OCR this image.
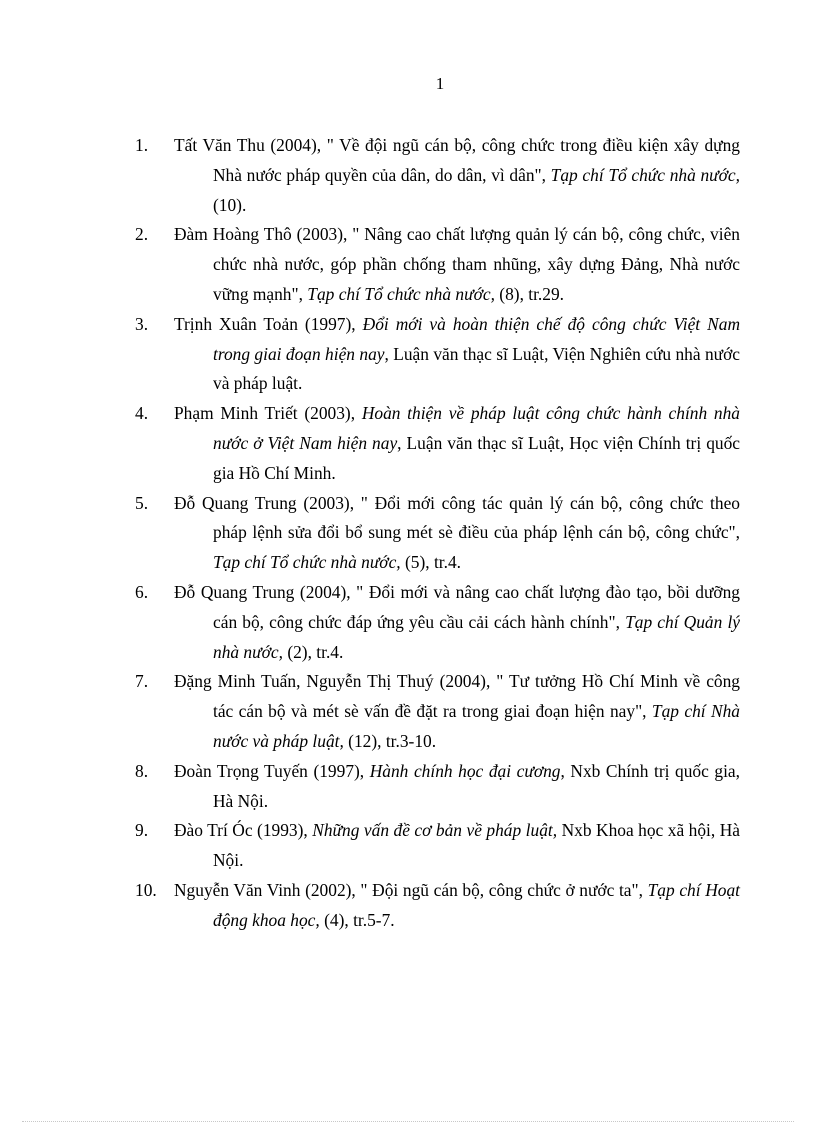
1
1. Tất Văn Thu (2004), " Về đội ngũ cán bộ, công chức trong điều kiện xây dựng Nhà nước pháp quyền của dân, do dân, vì dân", Tạp chí Tổ chức nhà nước, (10).
2. Đàm Hoàng Thô (2003), " Nâng cao chất lượng quản lý cán bộ, công chức, viên chức nhà nước, góp phần chống tham nhũng, xây dựng Đảng, Nhà nước vững mạnh", Tạp chí Tổ chức nhà nước, (8), tr.29.
3. Trịnh Xuân Toản (1997), Đổi mới và hoàn thiện chế độ công chức Việt Nam trong giai đoạn hiện nay, Luận văn thạc sĩ Luật, Viện Nghiên cứu nhà nước và pháp luật.
4. Phạm Minh Triết (2003), Hoàn thiện về pháp luật công chức hành chính nhà nước ở Việt Nam hiện nay, Luận văn thạc sĩ Luật, Học viện Chính trị quốc gia Hồ Chí Minh.
5. Đỗ Quang Trung (2003), " Đổi mới công tác quản lý cán bộ, công chức theo pháp lệnh sửa đổi bổ sung mét sè điều của pháp lệnh cán bộ, công chức", Tạp chí Tổ chức nhà nước, (5), tr.4.
6. Đỗ Quang Trung (2004), " Đổi mới và nâng cao chất lượng đào tạo, bồi dưỡng cán bộ, công chức đáp ứng yêu cầu cải cách hành chính", Tạp chí Quản lý nhà nước, (2), tr.4.
7. Đặng Minh Tuấn, Nguyễn Thị Thuý (2004), " Tư tưởng Hồ Chí Minh về công tác cán bộ và mét sè vấn đề đặt ra trong giai đoạn hiện nay", Tạp chí Nhà nước và pháp luật, (12), tr.3-10.
8. Đoàn Trọng Tuyến (1997), Hành chính học đại cương, Nxb Chính trị quốc gia, Hà Nội.
9. Đào Trí Óc (1993), Những vấn đề cơ bản về pháp luật, Nxb Khoa học xã hội, Hà Nội.
10. Nguyễn Văn Vinh (2002), " Đội ngũ cán bộ, công chức ở nước ta", Tạp chí Hoạt động khoa học, (4), tr.5-7.
